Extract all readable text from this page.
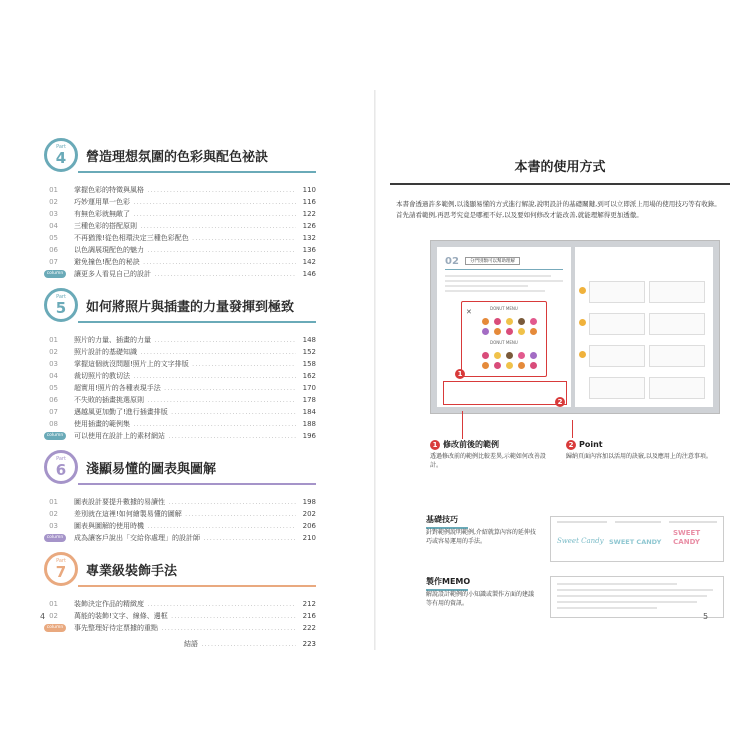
Part
4	營造理想氛圍的色彩與配色祕訣
01 掌握色彩的特徵與風格 .....	110
02 巧妙運用單一色彩 .....	116
03 有無色彩就無敵了 .....	122
04 三種色彩的搭配原則 .....	126
05 不再猶豫!從色相環決定三種色彩配色 .....	132
06 以色調展現配色的魅力 .....	136
07 避免撞色!配色的秘訣 .....	142
column	讓更多人看見自己的設計 .....	146
Part
5	如何將照片與插畫的力量發揮到極致
01 照片的力量、插畫的力量 .....	148
02 照片設計的基礎知識 .....	152
03 掌握這個就沒問題!照片上的文字排版 .....	158
04 裁切照片的教切法 .....	162
05 超實用!照片的各種表現手法 .....	170
06 不失敗的插畫挑選原則 .....	178
07 邁越風更加勤了!進行插畫排版 .....	184
08 使用插畫的範例集 .....	188
column	可以使用在設計上的素材網站 .....	196
Part
6	淺顯易懂的圖表與圖解
01 圖表設計要提升數據的易讀性 .....	198
02 差別就在這裡!如何繪製易懂的圖解 .....	202
03 圖表與圖解的使用時機 .....	206
column	成為讓客戶說出「交給你處理」的設計師 .....	210
Part
7	專業級裝飾手法
01 装飾決定作品的精緻度 .....	212
02 萬能的装飾!文字、線條、邊框 .....	216
column	事先整理好待定票據的重點 .....	222
結語 .....	223
4
本書的使用方式
本書會透過許多範例,以淺顯易懂的方式進行解說,說明設計的基礎關鍵,到可以立即派上用場的使用技巧等有收錄。首先請看範例,再思考究竟是哪裡不好,以及要如何修改才能改善,就能理解得更加透徹。
02	分門別類可以幫助理解
✕	DONUT MENU
DONUT MENU
1
2
1 修改前後的範例
透過修改前的範例比較差異,示範如何改善設計。
2 Point
歸納頁面內容加以活用的訣竅,以及應用上的注意事項。
基礎技巧
針對範例說明範例,介紹就算內容的延伸技巧或容易運用的手法。	Sweet Candy SWEET CANDY
SWEET
CANDY
製作MEMO
解說設計範例的小知識或製作方面的建議等有用的資訊。
5
